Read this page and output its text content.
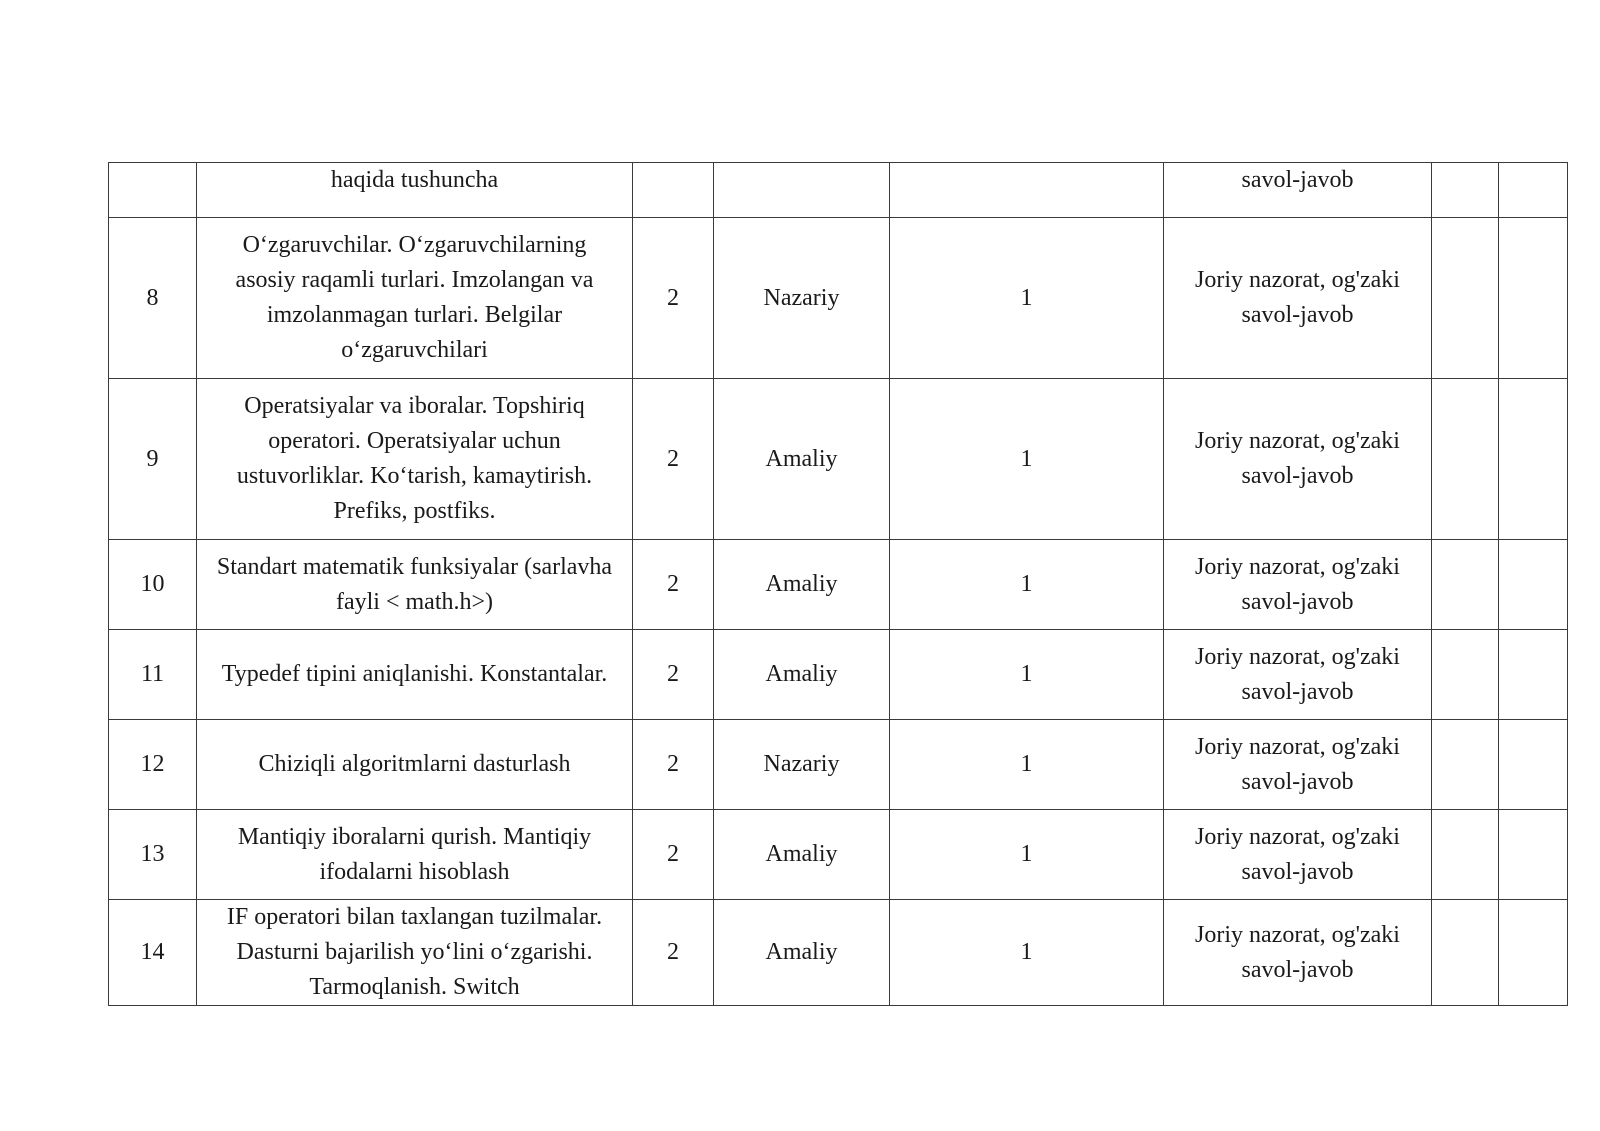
	haqida tushuncha				savol-javob		
8	O‘zgaruvchilar. O‘zgaruvchilarning asosiy raqamli turlari. Imzolangan va imzolanmagan turlari. Belgilar o‘zgaruvchilari	2	Nazariy	1	Joriy nazorat, og'zaki savol-javob		
9	Operatsiyalar va iboralar. Topshiriq operatori. Operatsiyalar uchun ustuvorliklar. Ko‘tarish, kamaytirish. Prefiks, postfiks.	2	Amaliy	1	Joriy nazorat, og'zaki savol-javob		
10	Standart matematik funksiyalar (sarlavha fayli < math.h>)	2	Amaliy	1	Joriy nazorat, og'zaki savol-javob		
11	Typedef tipini aniqlanishi. Konstantalar.	2	Amaliy	1	Joriy nazorat, og'zaki savol-javob		
12	Chiziqli algoritmlarni dasturlash	2	Nazariy	1	Joriy nazorat, og'zaki savol-javob		
13	Mantiqiy iboralarni qurish. Mantiqiy ifodalarni hisoblash	2	Amaliy	1	Joriy nazorat, og'zaki savol-javob		
14	IF operatori bilan taxlangan tuzilmalar. Dasturni bajarilish yo‘lini o‘zgarishi. Tarmoqlanish. Switch	2	Amaliy	1	Joriy nazorat, og'zaki savol-javob		
